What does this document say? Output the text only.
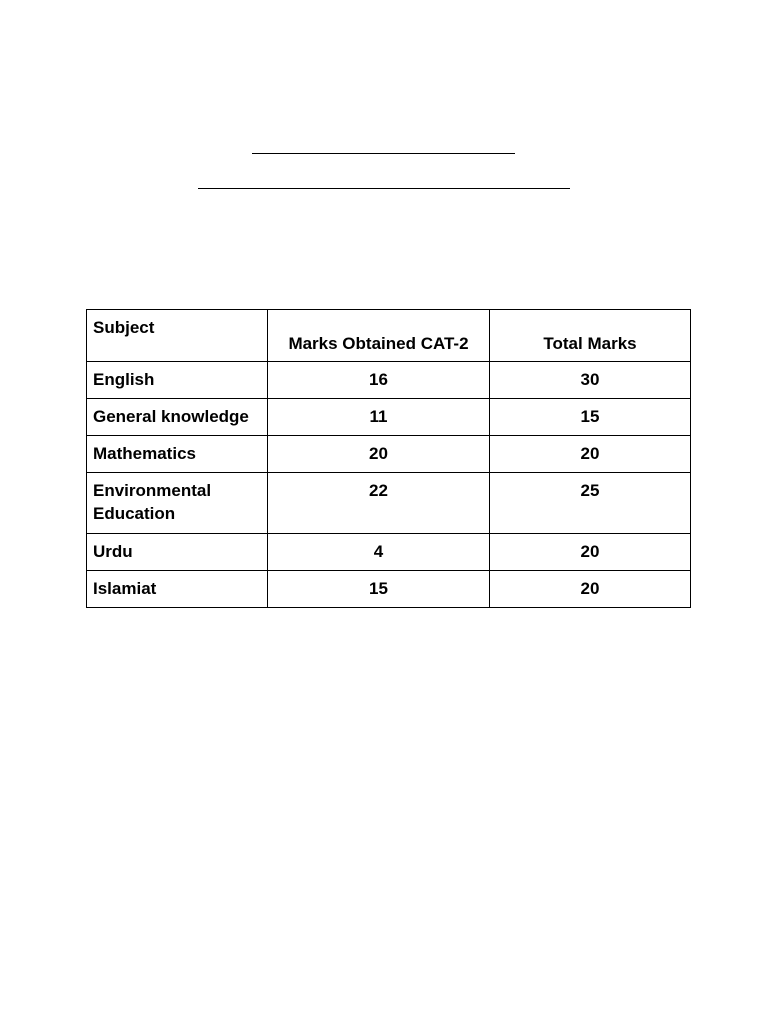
Subject	Marks Obtained CAT-2	Total Marks
English	16	30
General knowledge	11	15
Mathematics	20	20
Environmental Education	22	25
Urdu	4	20
Islamiat	15	20
